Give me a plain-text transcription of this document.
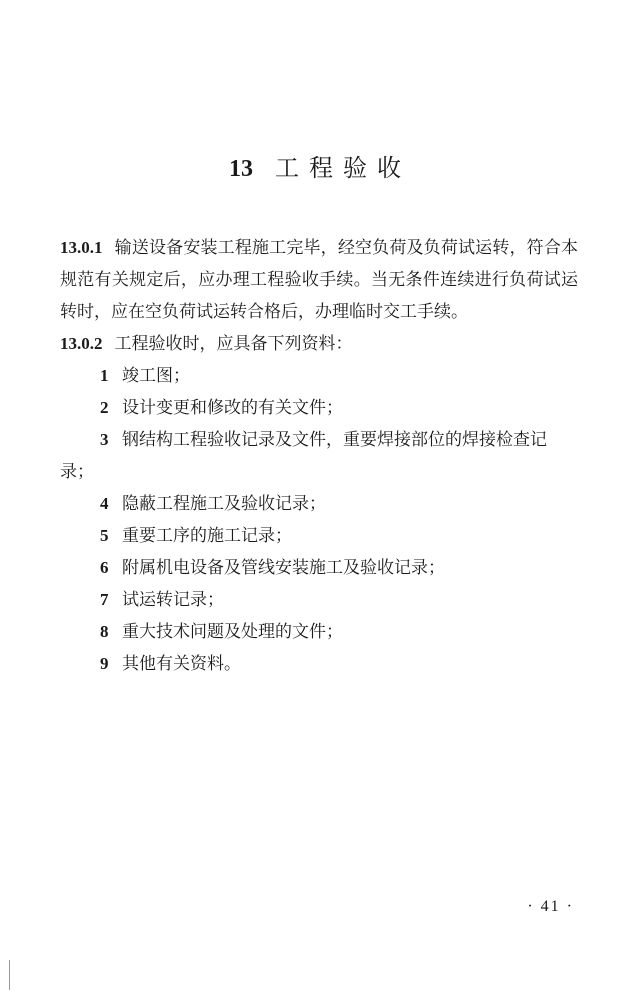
13 工程验收

13.0.1 输送设备安装工程施工完毕，经空负荷及负荷试运转，符合本规范有关规定后，应办理工程验收手续。当无条件连续进行负荷试运转时，应在空负荷试运转合格后，办理临时交工手续。

13.0.2 工程验收时，应具备下列资料：

1 竣工图；

2 设计变更和修改的有关文件；

3 钢结构工程验收记录及文件，重要焊接部位的焊接检查记录；

4 隐蔽工程施工及验收记录；

5 重要工序的施工记录；

6 附属机电设备及管线安装施工及验收记录；

7 试运转记录；

8 重大技术问题及处理的文件；

9 其他有关资料。

· 41 ·
